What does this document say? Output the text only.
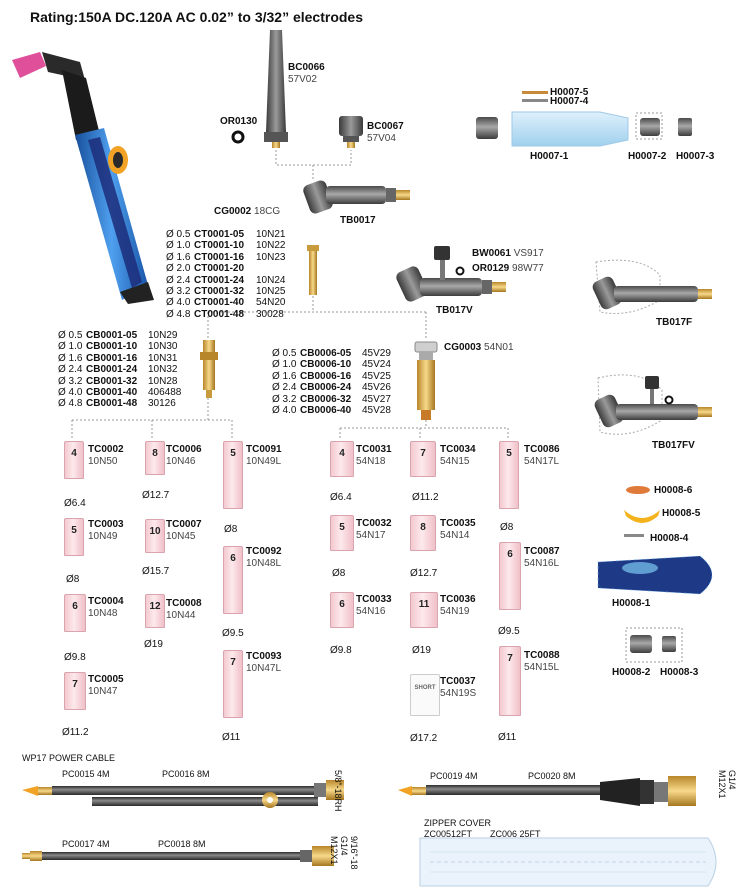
Rating:150A DC.120A AC 0.02” to 3/32” electrodes
BC0066
57V02
BC0067
57V04
OR0130
TB0017
CG0002 18CG
Ø 0.5 CT0001-05 10N21
Ø 1.0 CT0001-10 10N22
Ø 1.6 CT0001-16 10N23
Ø 2.0 CT0001-20
Ø 2.4 CT0001-24 10N24
Ø 3.2 CT0001-32 10N25
Ø 4.0 CT0001-40 54N20
Ø 4.8 CT0001-48 30028
Ø 0.5 CB0001-05 10N29
Ø 1.0 CB0001-10 10N30
Ø 1.6 CB0001-16 10N31
Ø 2.4 CB0001-24 10N32
Ø 3.2 CB0001-32 10N28
Ø 4.0 CB0001-40 406488
Ø 4.8 CB0001-48 30126
Ø 0.5 CB0006-05 45V29
Ø 1.0 CB0006-10 45V24
Ø 1.6 CB0006-16 45V25
Ø 2.4 CB0006-24 45V26
Ø 3.2 CB0006-32 45V27
Ø 4.0 CB0006-40 45V28
CG0003 54N01
BW0061 VS917
OR0129 98W77
TB017V
TB017F
TB017FV
H0007-5
H0007-4
H0007-1	H0007-2 H0007-3
H0008-6
H0008-5
H0008-4
H0008-1
H0008-2 H0008-3
4	TC0002
10N50
Ø6.4
5
TC0003
10N49
Ø8
6	TC0004
10N48
Ø9.8
7	TC0005
10N47
Ø11.2
8 TC0006
10N46
Ø12.7
10
TC0007
10N45
Ø15.7
12 TC0008
10N44
Ø19
5	TC0091
10N49L
Ø8
6
TC0092
10N48L
Ø9.5
7
TC0093
10N47L
Ø11
4	TC0031
54N18
Ø6.4
5	TC0032
54N17
Ø8
6	TC0033
54N16
Ø9.8
7	TC0034
54N15
Ø11.2
8	TC0035
54N14
Ø12.7
11	TC0036
54N19
Ø19
SHORT
TC0037
54N19S
Ø17.2
5	TC0086
54N17L
Ø8
6	TC0087
54N16L
Ø9.5
7	TC0088
54N15L
Ø11
WP17 POWER CABLE
PC0015 4M	PC0016 8M	5/8”-18RH	PC0019 4M	PC0020 8M	G1/4
M12X1
PC0017 4M	PC0018 8M	9/16”-18
G1/4
M12X1
ZIPPER COVER
ZC00512FT ZC006 25FT
